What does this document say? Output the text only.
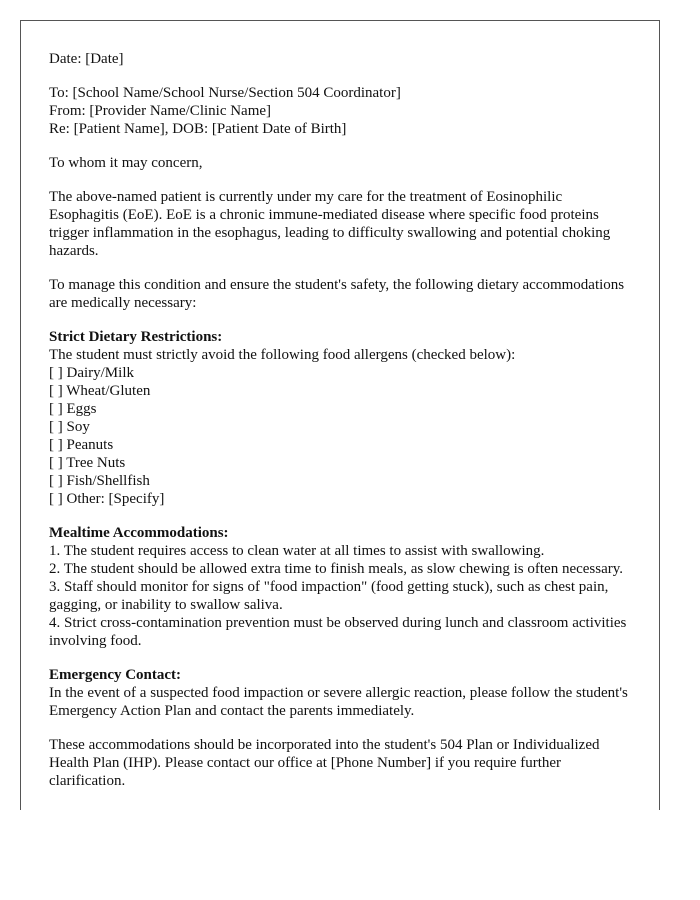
Date: [Date]
To: [School Name/School Nurse/Section 504 Coordinator]
From: [Provider Name/Clinic Name]
Re: [Patient Name], DOB: [Patient Date of Birth]
To whom it may concern,
The above-named patient is currently under my care for the treatment of Eosinophilic Esophagitis (EoE). EoE is a chronic immune-mediated disease where specific food proteins trigger inflammation in the esophagus, leading to difficulty swallowing and potential choking hazards.
To manage this condition and ensure the student's safety, the following dietary accommodations are medically necessary:
Strict Dietary Restrictions:
The student must strictly avoid the following food allergens (checked below):
[ ] Dairy/Milk
[ ] Wheat/Gluten
[ ] Eggs
[ ] Soy
[ ] Peanuts
[ ] Tree Nuts
[ ] Fish/Shellfish
[ ] Other: [Specify]
Mealtime Accommodations:
1. The student requires access to clean water at all times to assist with swallowing.
2. The student should be allowed extra time to finish meals, as slow chewing is often necessary.
3. Staff should monitor for signs of "food impaction" (food getting stuck), such as chest pain, gagging, or inability to swallow saliva.
4. Strict cross-contamination prevention must be observed during lunch and classroom activities involving food.
Emergency Contact:
In the event of a suspected food impaction or severe allergic reaction, please follow the student's Emergency Action Plan and contact the parents immediately.
These accommodations should be incorporated into the student's 504 Plan or Individualized Health Plan (IHP). Please contact our office at [Phone Number] if you require further clarification.
